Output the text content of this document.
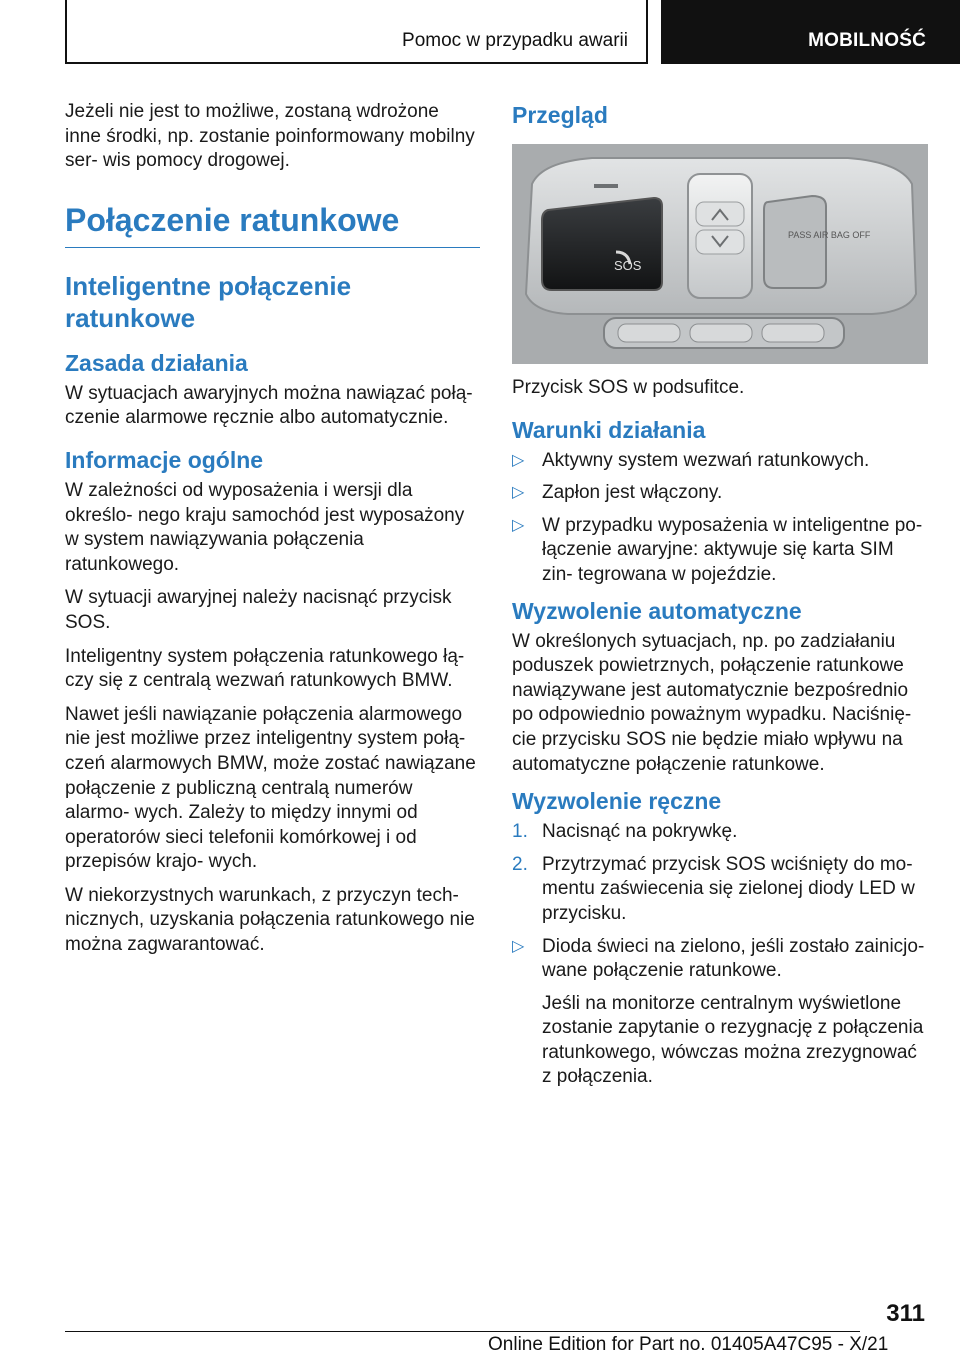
Pomoc w przypadku awarii	MOBILNOŚĆ

Jeżeli nie jest to możliwe, zostaną wdrożone inne środki, np. zostanie poinformowany mobilny ser‐ wis pomocy drogowej.

Połączenie ratunkowe
Inteligentne połączenie ratunkowe
Zasada działania

W sytuacjach awaryjnych można nawiązać połą‐ czenie alarmowe ręcznie albo automatycznie.

Informacje ogólne

W zależności od wyposażenia i wersji dla określo‐ nego kraju samochód jest wyposażony w system nawiązywania połączenia ratunkowego.

W sytuacji awaryjnej należy nacisnąć przycisk SOS.

Inteligentny system połączenia ratunkowego łą‐ czy się z centralą wezwań ratunkowych BMW.

Nawet jeśli nawiązanie połączenia alarmowego nie jest możliwe przez inteligentny system połą‐ czeń alarmowych BMW, może zostać nawiązane połączenie z publiczną centralą numerów alarmo‐ wych. Zależy to między innymi od operatorów sieci telefonii komórkowej i od przepisów krajo‐ wych.

W niekorzystnych warunkach, z przyczyn tech‐ nicznych, uzyskania połączenia ratunkowego nie można zagwarantować.

Przegląd
SOS
PASS AIR BAG OFF

Przycisk SOS w podsufitce.

Warunki działania
▷ Aktywny system wezwań ratunkowych.
▷ Zapłon jest włączony.
▷ W przypadku wyposażenia w inteligentne po‐ łączenie awaryjne: aktywuje się karta SIM zin‐ tegrowana w pojeździe.
Wyzwolenie automatyczne

W określonych sytuacjach, np. po zadziałaniu poduszek powietrznych, połączenie ratunkowe nawiązywane jest automatycznie bezpośrednio po odpowiednio poważnym wypadku. Naciśnię‐ cie przycisku SOS nie będzie miało wpływu na automatyczne połączenie ratunkowe.

Wyzwolenie ręczne
1. Nacisnąć na pokrywkę.
2. Przytrzymać przycisk SOS wciśnięty do mo‐ mentu zaświecenia się zielonej diody LED w przycisku.
▷ Dioda świeci na zielono, jeśli zostało zainicjo‐ wane połączenie ratunkowe.

Jeśli na monitorze centralnym wyświetlone zostanie zapytanie o rezygnację z połączenia ratunkowego, wówczas można zrezygnować z połączenia.

311
Online Edition for Part no. 01405A47C95 - X/21
